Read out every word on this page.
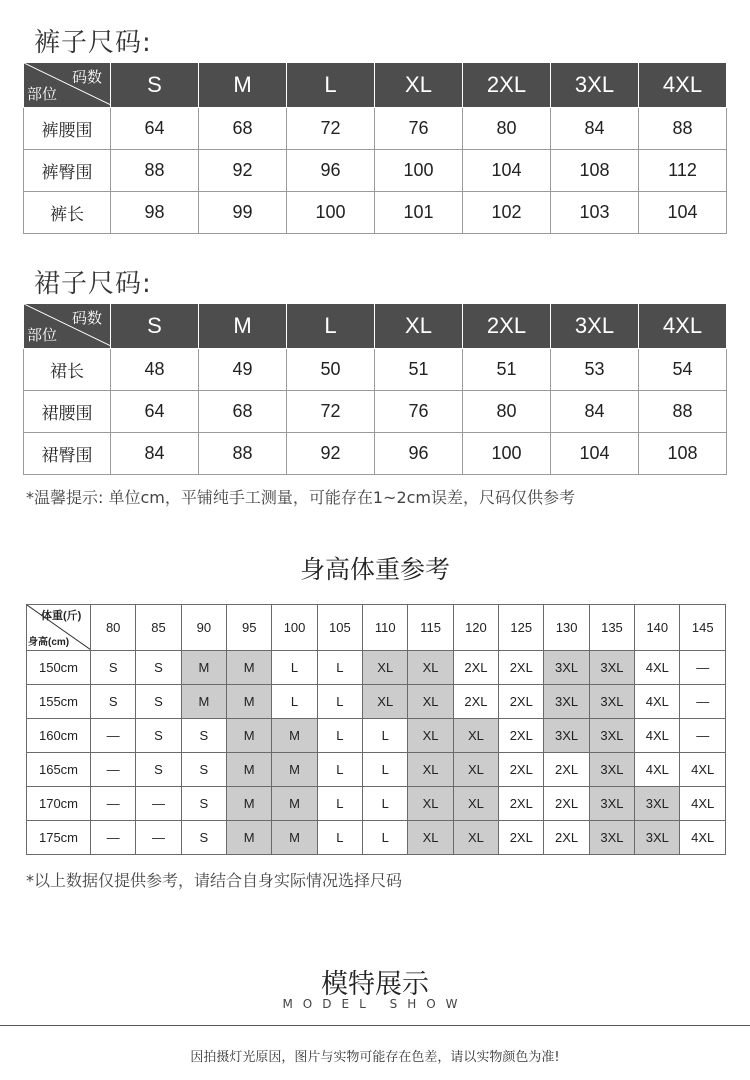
裤子尺码:
码数
部位	S	M	L	XL	2XL	3XL	4XL
裤腰围	64	68	72	76	80	84	88
裤臀围	88	92	96	100	104	108	112
裤长	98	99	100	101	102	103	104
裙子尺码:
码数
部位	S	M	L	XL	2XL	3XL	4XL
裙长	48	49	50	51	51	53	54
裙腰围	64	68	72	76	80	84	88
裙臀围	84	88	92	96	100	104	108
*温馨提示: 单位cm，平铺纯手工测量，可能存在1~2cm误差，尺码仅供参考
身高体重参考
体重(斤)
身高(cm)	80	85	90	95	100	105	110	115	120	125	130	135	140	145
150cm	S	S	M	M	L	L	XL	XL	2XL	2XL	3XL	3XL	4XL	—
155cm	S	S	M	M	L	L	XL	XL	2XL	2XL	3XL	3XL	4XL	—
160cm	—	S	S	M	M	L	L	XL	XL	2XL	3XL	3XL	4XL	—
165cm	—	S	S	M	M	L	L	XL	XL	2XL	2XL	3XL	4XL	4XL
170cm	—	—	S	M	M	L	L	XL	XL	2XL	2XL	3XL	3XL	4XL
175cm	—	—	S	M	M	L	L	XL	XL	2XL	2XL	3XL	3XL	4XL
*以上数据仅提供参考，请结合自身实际情况选择尺码
模特展示
MODEL SHOW
因拍摄灯光原因，图片与实物可能存在色差，请以实物颜色为准!
